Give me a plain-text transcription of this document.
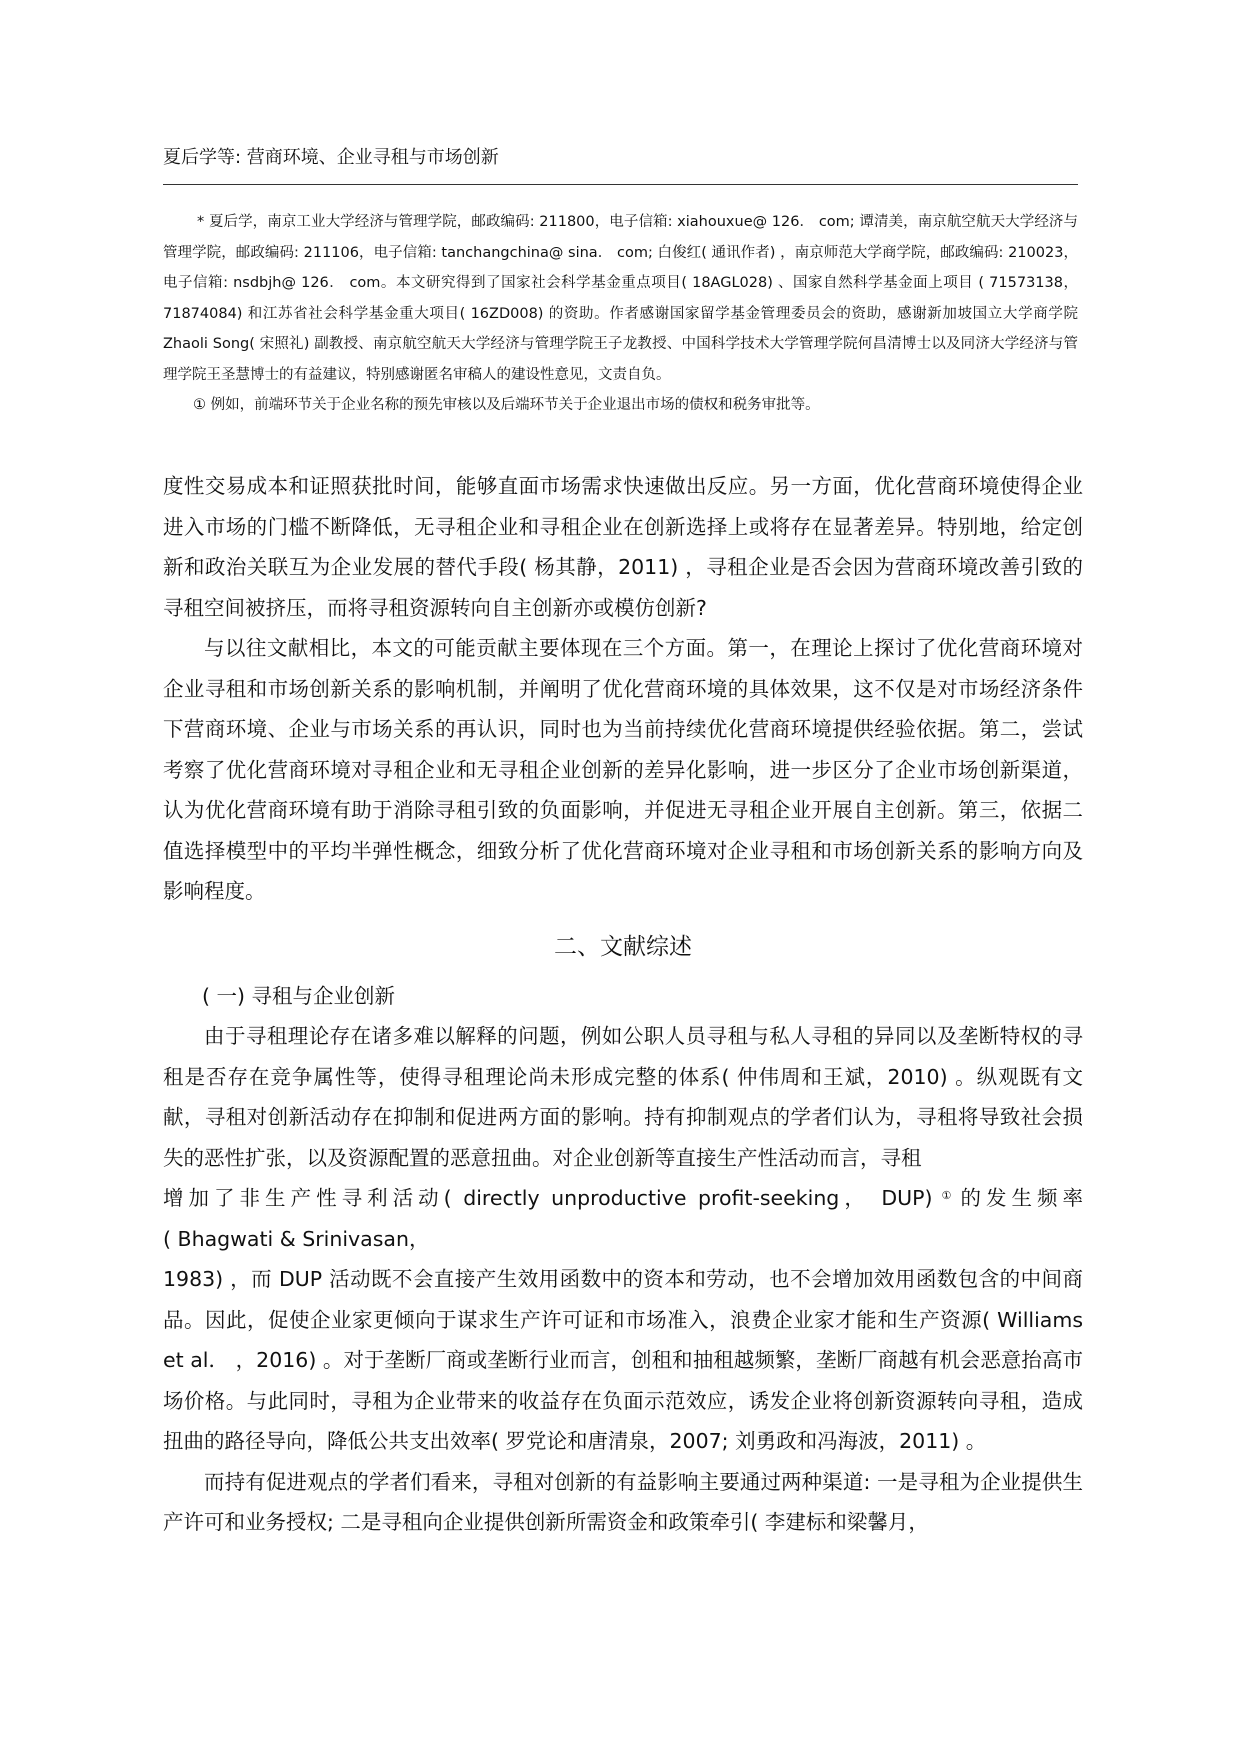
夏后学等: 营商环境、企业寻租与市场创新

* 夏后学，南京工业大学经济与管理学院，邮政编码: 211800，电子信箱: xiahouxue@ 126． com; 谭清美，南京航空航天大学经济与管理学院，邮政编码: 211106，电子信箱: tanchangchina@ sina． com; 白俊红( 通讯作者) ，南京师范大学商学院，邮政编码: 210023，电子信箱: nsdbjh@ 126． com。本文研究得到了国家社会科学基金重点项目( 18AGL028) 、国家自然科学基金面上项目 ( 71573138，71874084) 和江苏省社会科学基金重大项目( 16ZD008) 的资助。作者感谢国家留学基金管理委员会的资助，感谢新加坡国立大学商学院 Zhaoli Song( 宋照礼) 副教授、南京航空航天大学经济与管理学院王子龙教授、中国科学技术大学管理学院何昌清博士以及同济大学经济与管理学院王圣慧博士的有益建议，特别感谢匿名审稿人的建设性意见，文责自负。

① 例如，前端环节关于企业名称的预先审核以及后端环节关于企业退出市场的债权和税务审批等。

度性交易成本和证照获批时间，能够直面市场需求快速做出反应。另一方面，优化营商环境使得企业进入市场的门槛不断降低，无寻租企业和寻租企业在创新选择上或将存在显著差异。特别地，给定创新和政治关联互为企业发展的替代手段( 杨其静，2011) ，寻租企业是否会因为营商环境改善引致的寻租空间被挤压，而将寻租资源转向自主创新亦或模仿创新?

与以往文献相比，本文的可能贡献主要体现在三个方面。第一，在理论上探讨了优化营商环境对企业寻租和市场创新关系的影响机制，并阐明了优化营商环境的具体效果，这不仅是对市场经济条件下营商环境、企业与市场关系的再认识，同时也为当前持续优化营商环境提供经验依据。第二，尝试考察了优化营商环境对寻租企业和无寻租企业创新的差异化影响，进一步区分了企业市场创新渠道，认为优化营商环境有助于消除寻租引致的负面影响，并促进无寻租企业开展自主创新。第三，依据二值选择模型中的平均半弹性概念，细致分析了优化营商环境对企业寻租和市场创新关系的影响方向及影响程度。

二、文献综述

( 一) 寻租与企业创新

由于寻租理论存在诸多难以解释的问题，例如公职人员寻租与私人寻租的异同以及垄断特权的寻租是否存在竞争属性等，使得寻租理论尚未形成完整的体系( 仲伟周和王斌，2010) 。纵观既有文献，寻租对创新活动存在抑制和促进两方面的影响。持有抑制观点的学者们认为，寻租将导致社会损失的恶性扩张，以及资源配置的恶意扭曲。对企业创新等直接生产性活动而言，寻租

增加了非生产性寻利活动( directly unproductive profit-seeking， DUP) ① 的发生频率

( Bhagwati & Srinivasan，

1983) ，而 DUP 活动既不会直接产生效用函数中的资本和劳动，也不会增加效用函数包含的中间商品。因此，促使企业家更倾向于谋求生产许可证和市场准入，浪费企业家才能和生产资源( Williams et al． ，2016) 。对于垄断厂商或垄断行业而言，创租和抽租越频繁，垄断厂商越有机会恶意抬高市场价格。与此同时，寻租为企业带来的收益存在负面示范效应，诱发企业将创新资源转向寻租，造成扭曲的路径导向，降低公共支出效率( 罗党论和唐清泉，2007; 刘勇政和冯海波，2011) 。

而持有促进观点的学者们看来，寻租对创新的有益影响主要通过两种渠道: 一是寻租为企业提供生产许可和业务授权; 二是寻租向企业提供创新所需资金和政策牵引( 李建标和梁馨月，
